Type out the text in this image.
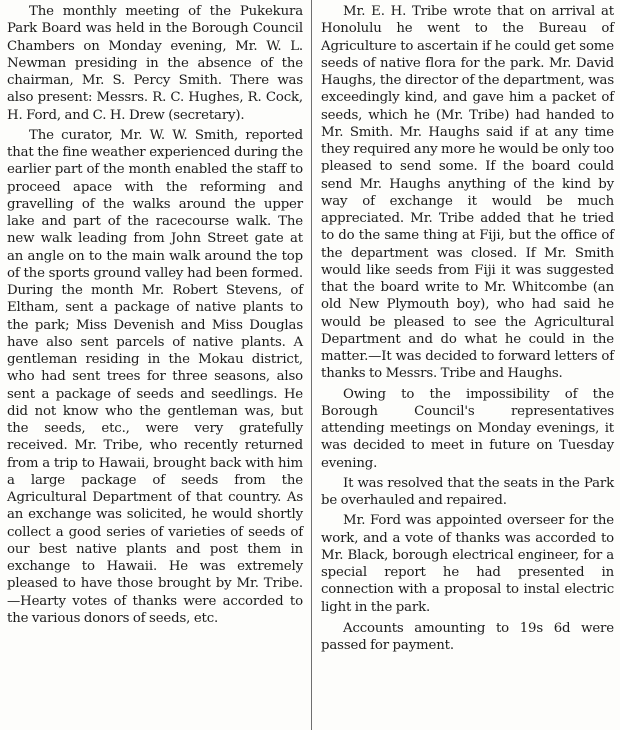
The monthly meeting of the Pukekura Park Board was held in the Borough Council Chambers on Monday evening, Mr. W. L. Newman presiding in the absence of the chairman, Mr. S. Percy Smith. There was also present: Messrs. R. C. Hughes, R. Cock, H. Ford, and C. H. Drew (secretary).

The curator, Mr. W. W. Smith, reported that the fine weather experienced during the earlier part of the month enabled the staff to proceed apace with the reforming and gravelling of the walks around the upper lake and part of the racecourse walk. The new walk leading from John Street gate at an angle on to the main walk around the top of the sports ground valley had been formed. During the month Mr. Robert Stevens, of Eltham, sent a package of native plants to the park; Miss Devenish and Miss Douglas have also sent parcels of native plants. A gentleman residing in the Mokau district, who had sent trees for three seasons, also sent a package of seeds and seedlings. He did not know who the gentleman was, but the seeds, etc., were very gratefully received. Mr. Tribe, who recently returned from a trip to Hawaii, brought back with him a large package of seeds from the Agricultural Department of that country. As an exchange was solicited, he would shortly collect a good series of varieties of seeds of our best native plants and post them in exchange to Hawaii. He was extremely pleased to have those brought by Mr. Tribe.—Hearty votes of thanks were accorded to the various donors of seeds, etc.

Mr. E. H. Tribe wrote that on arrival at Honolulu he went to the Bureau of Agriculture to ascertain if he could get some seeds of native flora for the park. Mr. David Haughs, the director of the department, was exceedingly kind, and gave him a packet of seeds, which he (Mr. Tribe) had handed to Mr. Smith. Mr. Haughs said if at any time they required any more he would be only too pleased to send some. If the board could send Mr. Haughs anything of the kind by way of exchange it would be much appreciated. Mr. Tribe added that he tried to do the same thing at Fiji, but the office of the department was closed. If Mr. Smith would like seeds from Fiji it was suggested that the board write to Mr. Whitcombe (an old New Plymouth boy), who had said he would be pleased to see the Agricultural Department and do what he could in the matter.—It was decided to forward letters of thanks to Messrs. Tribe and Haughs.

Owing to the impossibility of the Borough Council's representatives attending meetings on Monday evenings, it was decided to meet in future on Tuesday evening.

It was resolved that the seats in the Park be overhauled and repaired.

Mr. Ford was appointed overseer for the work, and a vote of thanks was accorded to Mr. Black, borough electrical engineer, for a special report he had presented in connection with a proposal to instal electric light in the park.

Accounts amounting to 19s 6d were passed for payment.
